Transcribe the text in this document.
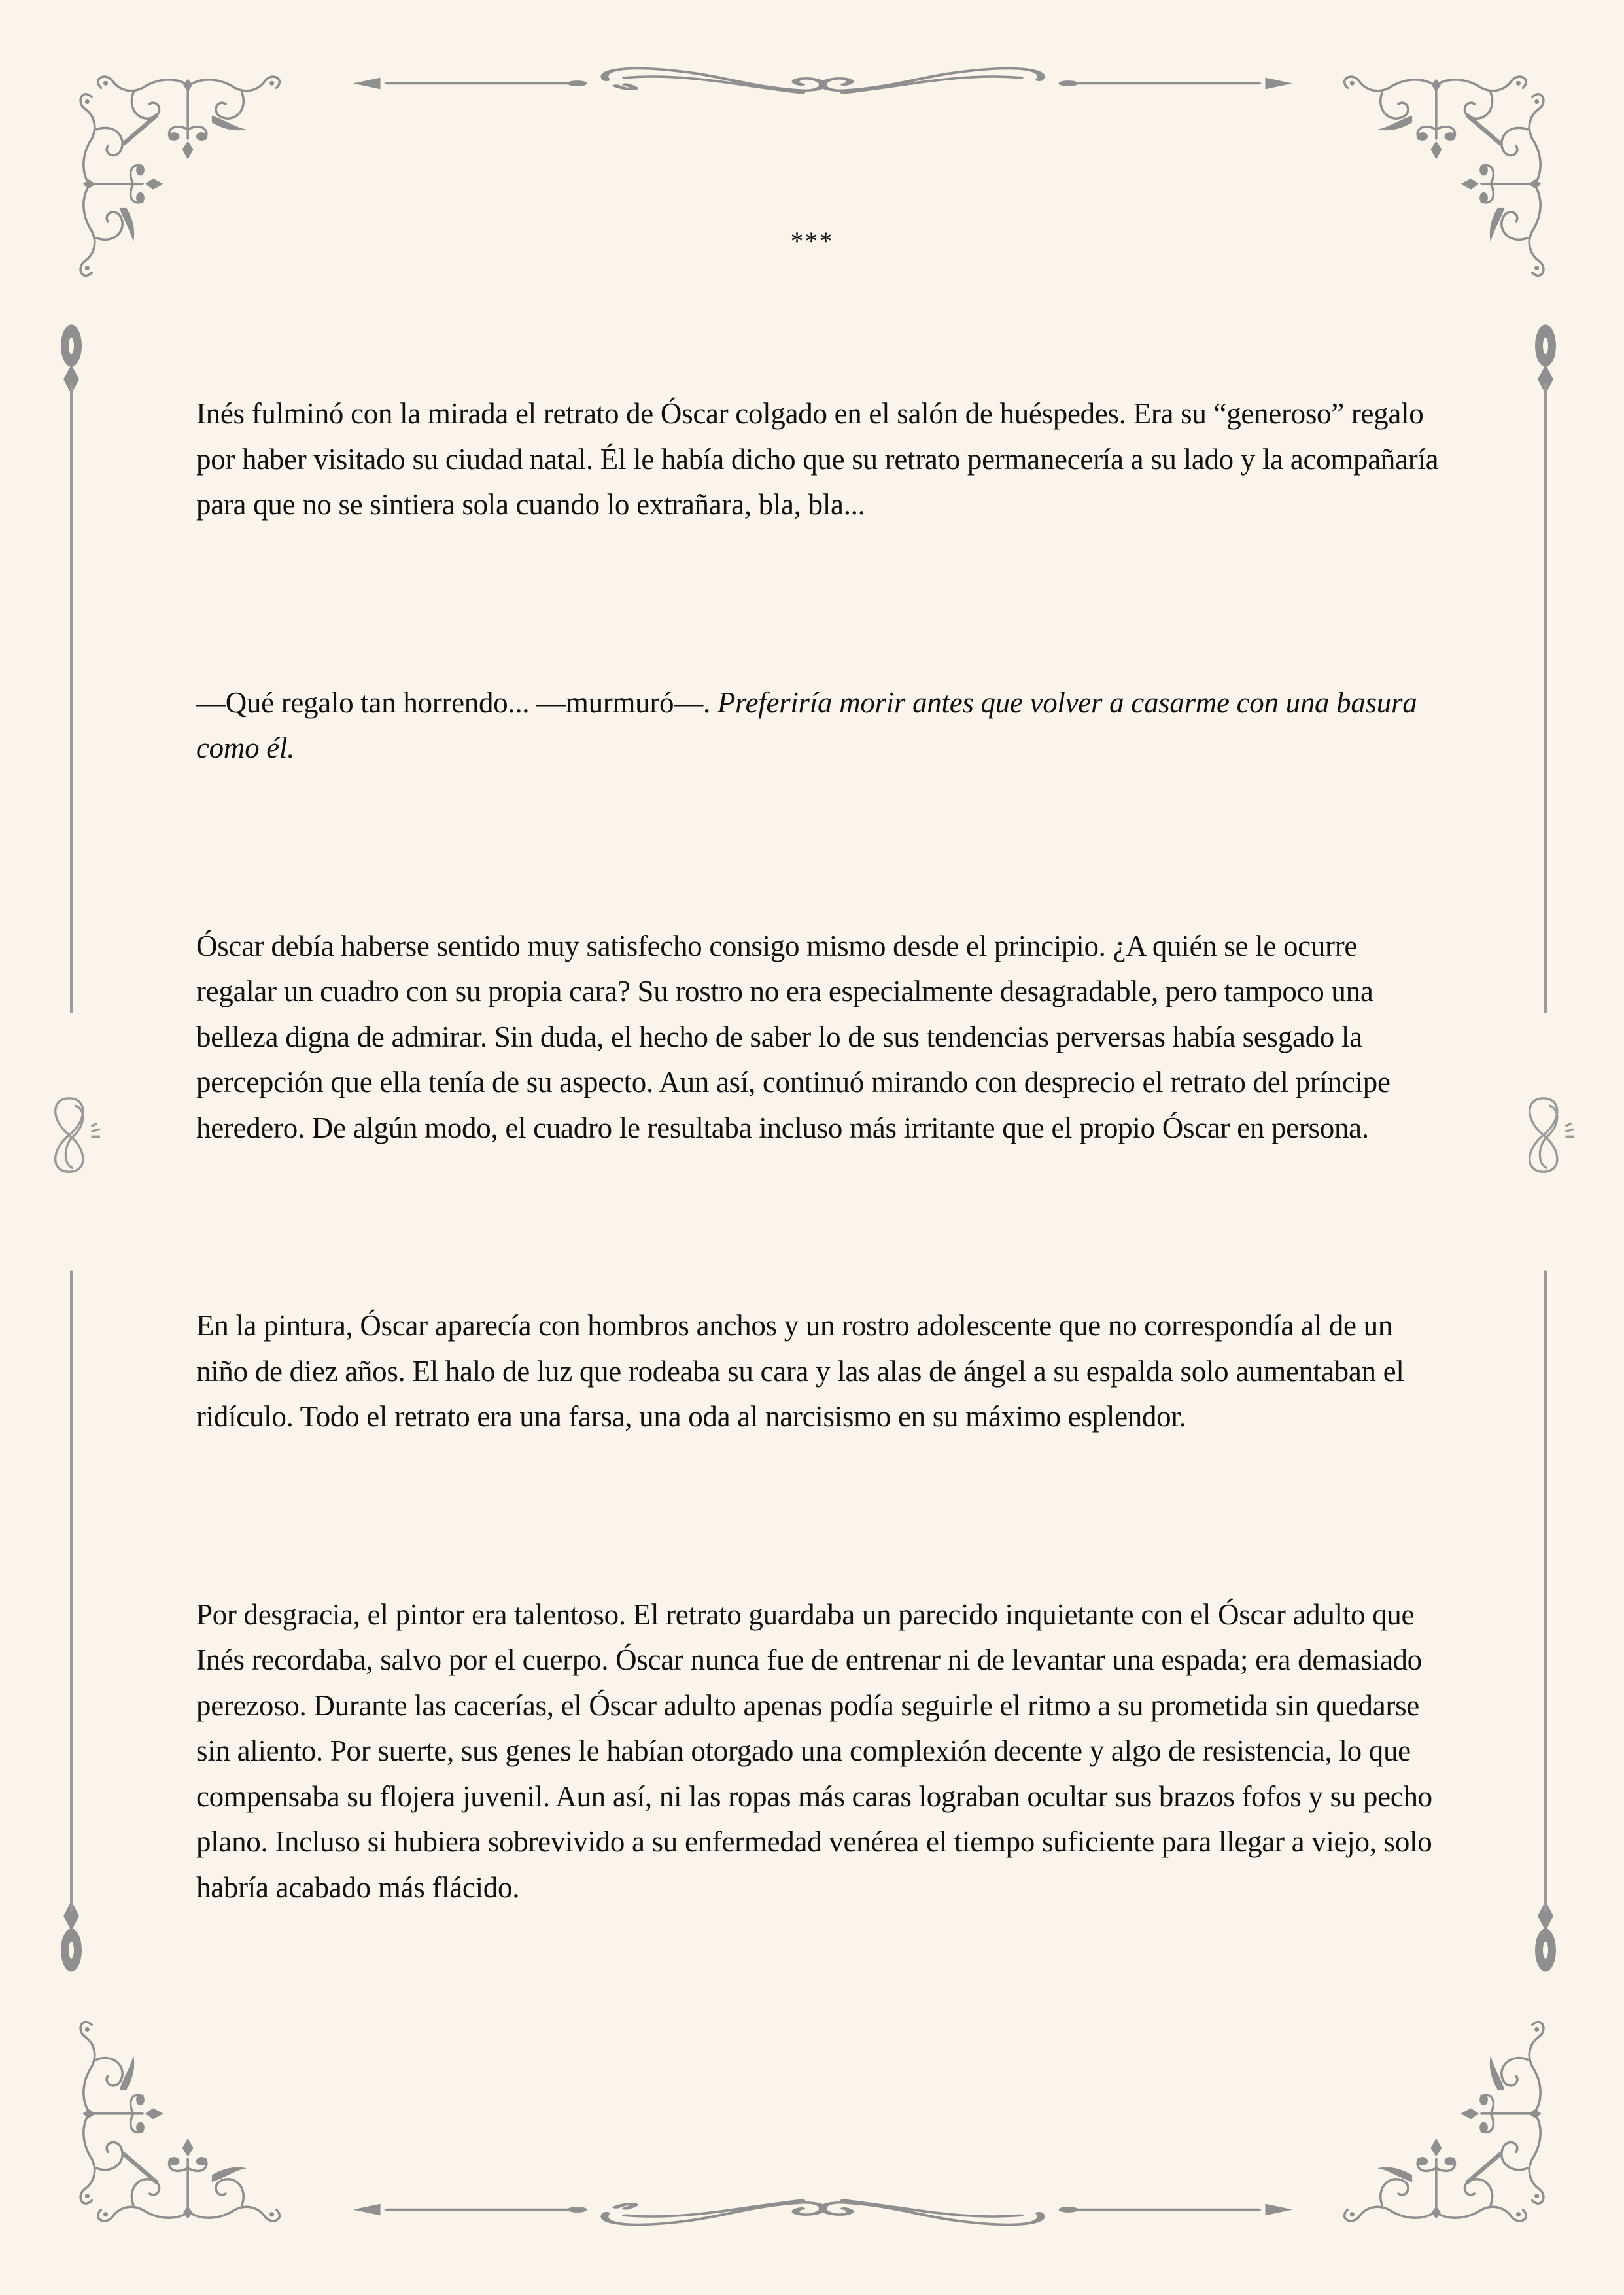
***

Inés fulminó con la mirada el retrato de Óscar colgado en el salón de huéspedes. Era su “generoso” regalo por haber visitado su ciudad natal. Él le había dicho que su retrato permanecería a su lado y la acompañaría para que no se sintiera sola cuando lo extrañara, bla, bla...

—Qué regalo tan horrendo... —murmuró—. Preferiría morir antes que volver a casarme con una basura como él.

Óscar debía haberse sentido muy satisfecho consigo mismo desde el principio. ¿A quién se le ocurre regalar un cuadro con su propia cara? Su rostro no era especialmente desagradable, pero tampoco una belleza digna de admirar. Sin duda, el hecho de saber lo de sus tendencias perversas había sesgado la percepción que ella tenía de su aspecto. Aun así, continuó mirando con desprecio el retrato del príncipe heredero. De algún modo, el cuadro le resultaba incluso más irritante que el propio Óscar en persona.

En la pintura, Óscar aparecía con hombros anchos y un rostro adolescente que no correspondía al de un niño de diez años. El halo de luz que rodeaba su cara y las alas de ángel a su espalda solo aumentaban el ridículo. Todo el retrato era una farsa, una oda al narcisismo en su máximo esplendor.

Por desgracia, el pintor era talentoso. El retrato guardaba un parecido inquietante con el Óscar adulto que Inés recordaba, salvo por el cuerpo. Óscar nunca fue de entrenar ni de levantar una espada; era demasiado perezoso. Durante las cacerías, el Óscar adulto apenas podía seguirle el ritmo a su prometida sin quedarse sin aliento. Por suerte, sus genes le habían otorgado una complexión decente y algo de resistencia, lo que compensaba su flojera juvenil. Aun así, ni las ropas más caras lograban ocultar sus brazos fofos y su pecho plano. Incluso si hubiera sobrevivido a su enfermedad venérea el tiempo suficiente para llegar a viejo, solo habría acabado más flácido.
